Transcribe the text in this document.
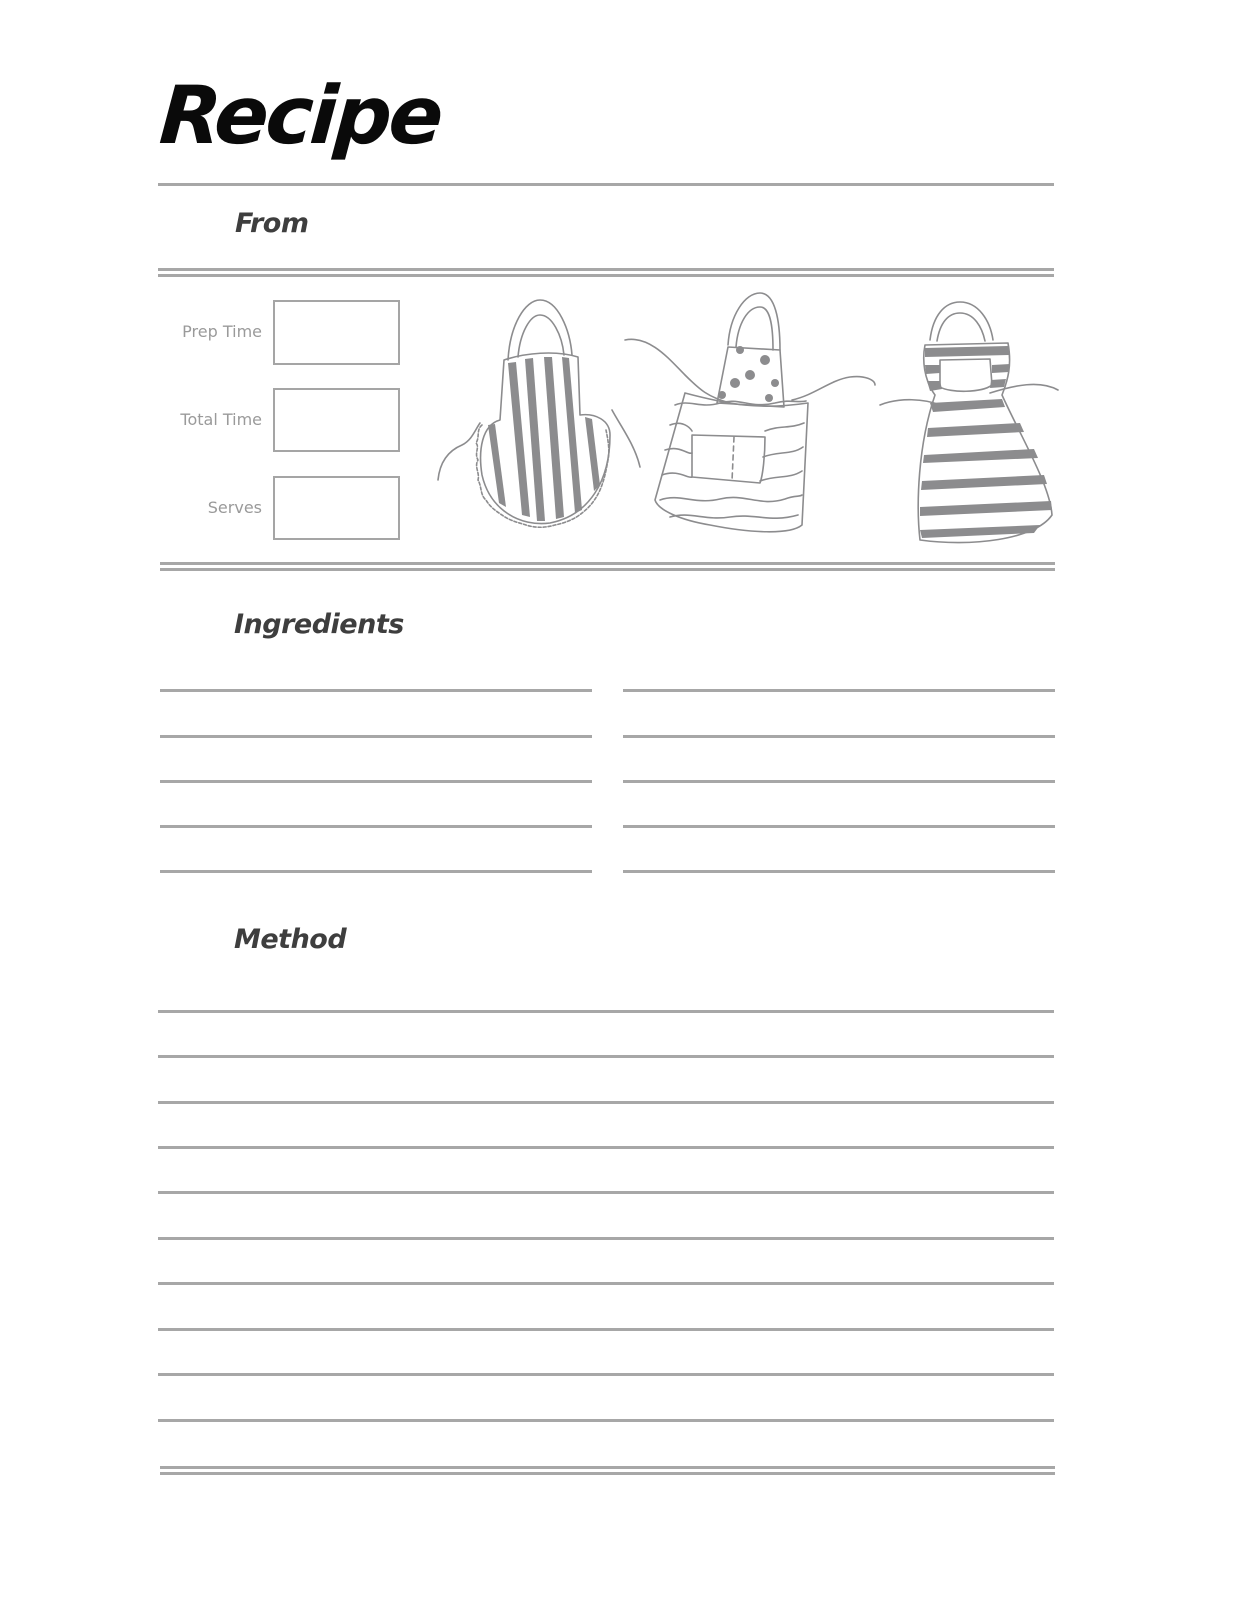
Recipe
From
Prep Time
Total Time
Serves
Ingredients
Method
